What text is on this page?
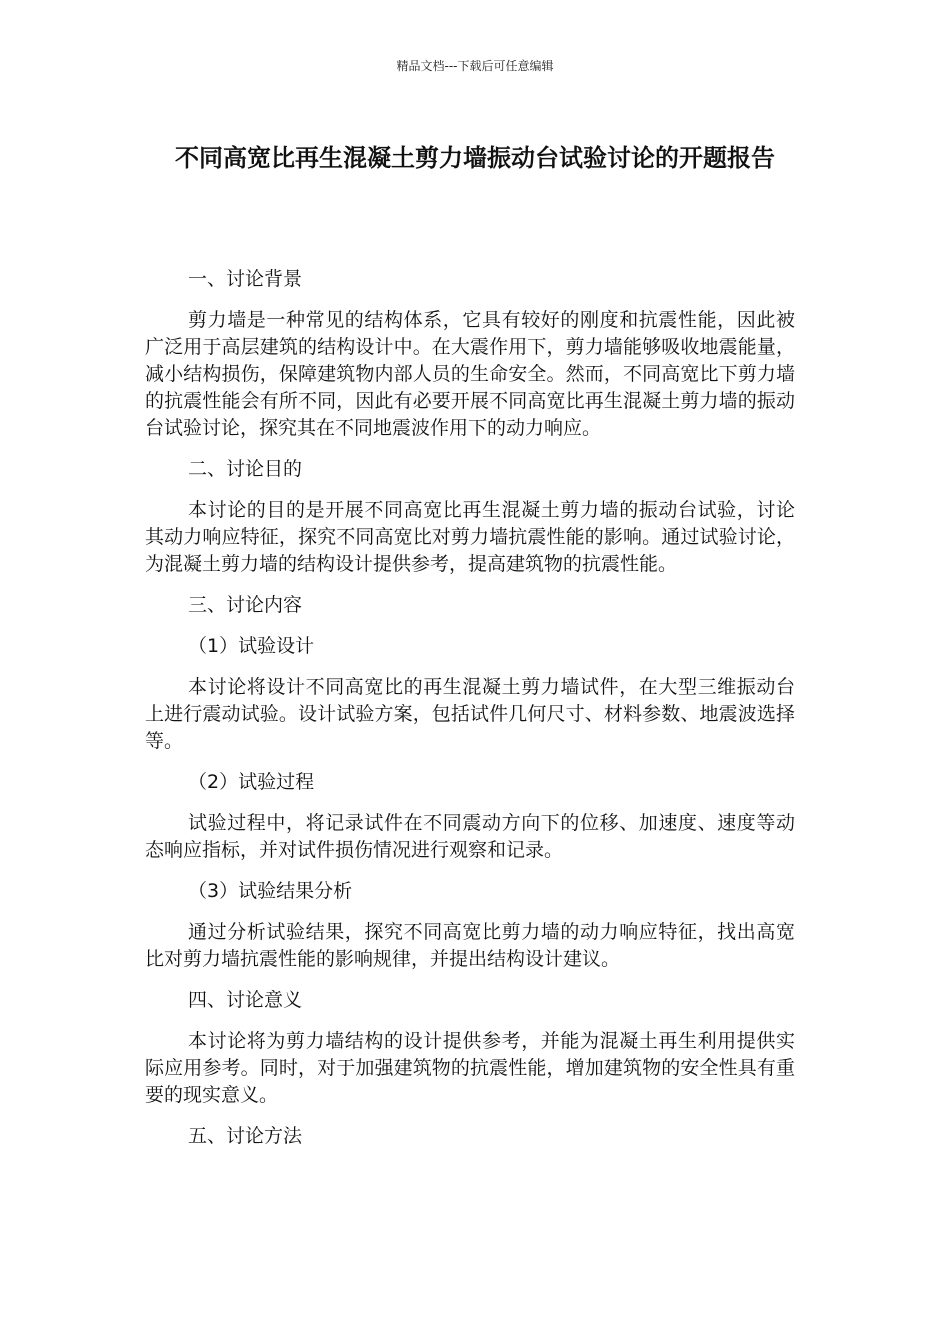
精品文档---下载后可任意编辑
不同高宽比再生混凝土剪力墙振动台试验讨论的开题报告

一、讨论背景

剪力墙是一种常见的结构体系，它具有较好的刚度和抗震性能，因此被广泛用于高层建筑的结构设计中。在大震作用下，剪力墙能够吸收地震能量，减小结构损伤，保障建筑物内部人员的生命安全。然而，不同高宽比下剪力墙的抗震性能会有所不同，因此有必要开展不同高宽比再生混凝土剪力墙的振动台试验讨论，探究其在不同地震波作用下的动力响应。

二、讨论目的

本讨论的目的是开展不同高宽比再生混凝土剪力墙的振动台试验，讨论其动力响应特征，探究不同高宽比对剪力墙抗震性能的影响。通过试验讨论，为混凝土剪力墙的结构设计提供参考，提高建筑物的抗震性能。

三、讨论内容

（1）试验设计

本讨论将设计不同高宽比的再生混凝土剪力墙试件，在大型三维振动台上进行震动试验。设计试验方案，包括试件几何尺寸、材料参数、地震波选择等。

（2）试验过程

试验过程中，将记录试件在不同震动方向下的位移、加速度、速度等动态响应指标，并对试件损伤情况进行观察和记录。

（3）试验结果分析

通过分析试验结果，探究不同高宽比剪力墙的动力响应特征，找出高宽比对剪力墙抗震性能的影响规律，并提出结构设计建议。

四、讨论意义

本讨论将为剪力墙结构的设计提供参考，并能为混凝土再生利用提供实际应用参考。同时，对于加强建筑物的抗震性能，增加建筑物的安全性具有重要的现实意义。

五、讨论方法
